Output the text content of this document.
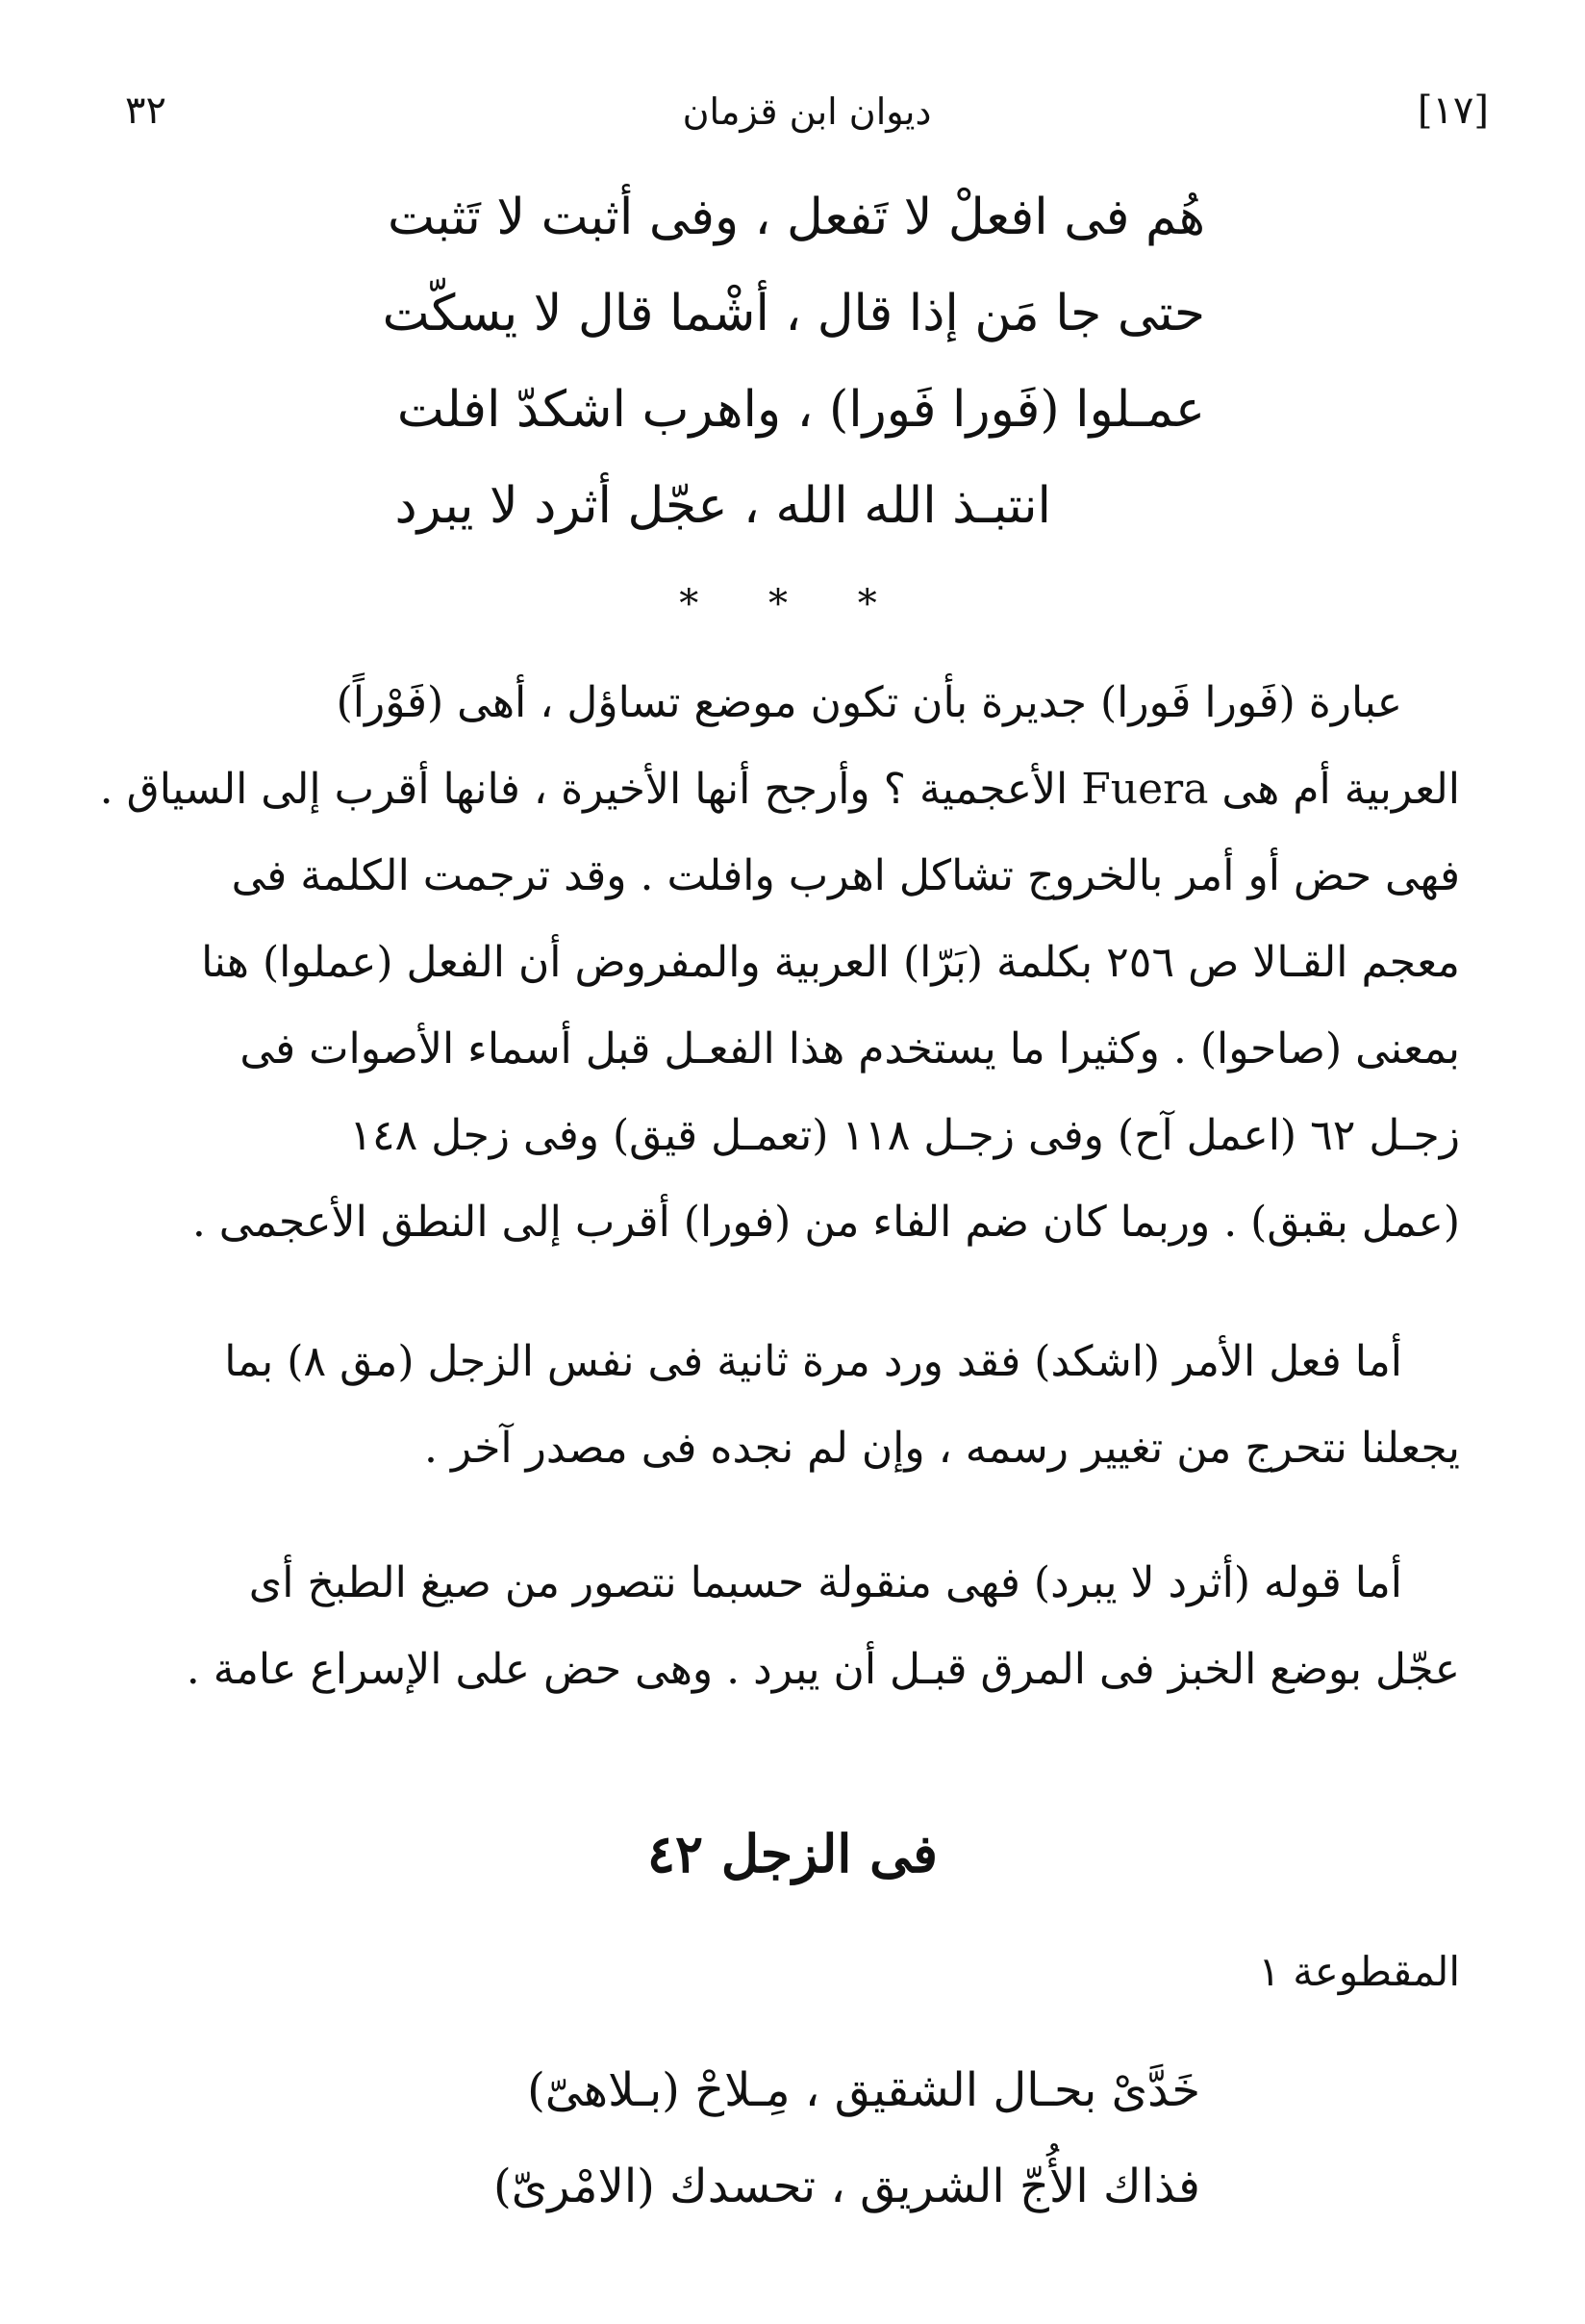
٣٢	ديوان ابن قزمان	[١٧]
هُم فى افعلْ لا تَفعل ، وفى أثبت لا تَثبت
حتى جا مَن إذا قال ، أشْما قال لا يسكّت
عمـلوا (فَورا فَورا) ، واهرب اشكدّ افلت
انتبـذ الله الله ، عجّل أثرد لا يبرد
* * *
عبارة (فَورا فَورا) جديرة بأن تكون موضع تساؤل ، أهى (فَوْراً)
العربية أم هى Fuera الأعجمية ؟ وأرجح أنها الأخيرة ، فانها أقرب إلى السياق .
فهى حض أو أمر بالخروج تشاكل اهرب وافلت . وقد ترجمت الكلمة فى
معجم القـالا ص ٢٥٦ بكلمة (بَرّا) العربية والمفروض أن الفعل (عملوا) هنا
بمعنى (صاحوا) . وكثيرا ما يستخدم هذا الفعـل قبل أسماء الأصوات فى
زجـل ٦٢ (اعمل آح) وفى زجـل ١١٨ (تعمـل قيق) وفى زجل ١٤٨
(عمل بقبق) . وربما كان ضم الفاء من (فورا) أقرب إلى النطق الأعجمى .
أما فعل الأمر (اشكد) فقد ورد مرة ثانية فى نفس الزجل (مق ٨) بما
يجعلنا نتحرج من تغيير رسمه ، وإن لم نجده فى مصدر آخر .
أما قوله (أثرد لا يبرد) فهى منقولة حسبما نتصور من صيغ الطبخ أى
عجّل بوضع الخبز فى المرق قبـل أن يبرد . وهى حض على الإسراع عامة .
فى الزجل ٤٢
المقطوعة ١
خَدَّىْ بحـال الشقيق ، مِـلاحْ (بـلاهىّ)
فذاك الأُجّ الشريق ، تحسدك (الامْرىّ)
